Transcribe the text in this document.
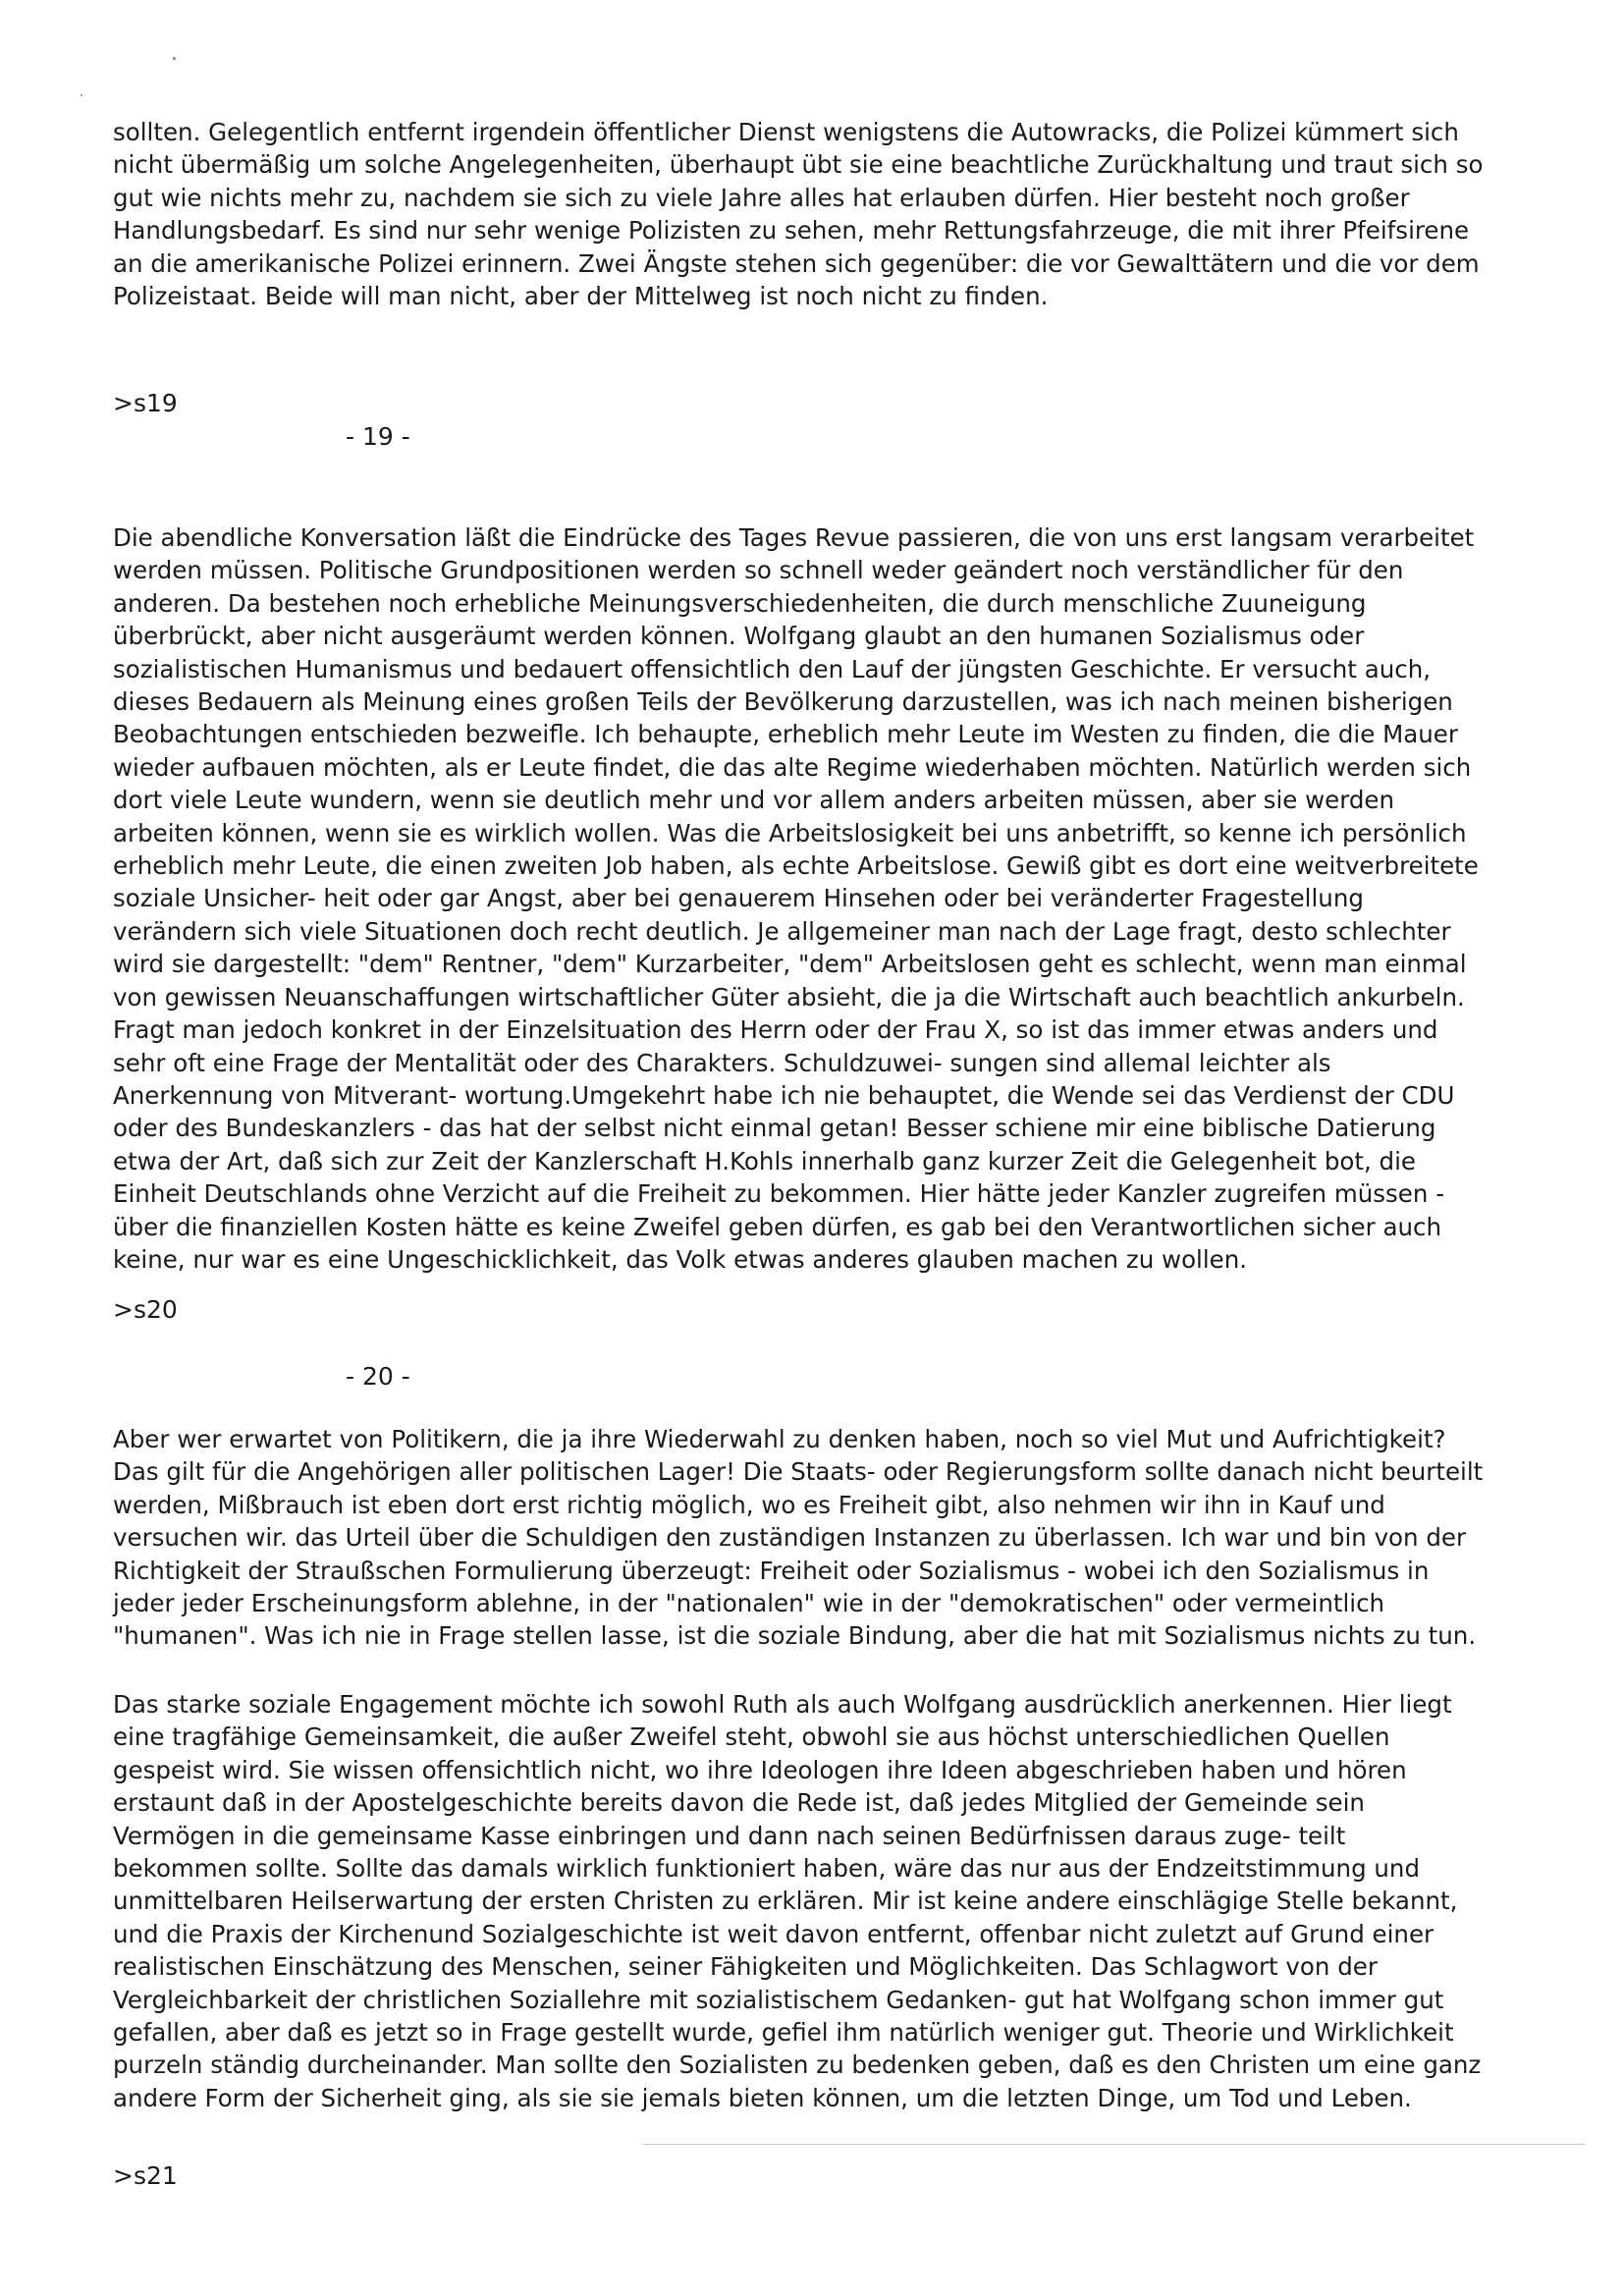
sollten. Gelegentlich entfernt irgendein öffentlicher Dienst wenigstens die Autowracks, die Polizei kümmert sich
nicht übermäßig um solche Angelegenheiten, überhaupt übt sie eine beachtliche Zurückhaltung und traut sich so
gut wie nichts mehr zu, nachdem sie sich zu viele Jahre alles hat erlauben dürfen. Hier besteht noch großer
Handlungsbedarf. Es sind nur sehr wenige Polizisten zu sehen, mehr Rettungsfahrzeuge, die mit ihrer Pfeifsirene
an die amerikanische Polizei erinnern. Zwei Ängste stehen sich gegenüber: die vor Gewalttätern und die vor dem
Polizeistaat. Beide will man nicht, aber der Mittelweg ist noch nicht zu finden.

>s19
- 19 -

Die abendliche Konversation läßt die Eindrücke des Tages Revue passieren, die von uns erst langsam verarbeitet
werden müssen. Politische Grundpositionen werden so schnell weder geändert noch verständlicher für den
anderen. Da bestehen noch erhebliche Meinungsverschiedenheiten, die durch menschliche Zuuneigung
überbrückt, aber nicht ausgeräumt werden können. Wolfgang glaubt an den humanen Sozialismus oder
sozialistischen Humanismus und bedauert offensichtlich den Lauf der jüngsten Geschichte. Er versucht auch,
dieses Bedauern als Meinung eines großen Teils der Bevölkerung darzustellen, was ich nach meinen bisherigen
Beobachtungen entschieden bezweifle. Ich behaupte, erheblich mehr Leute im Westen zu finden, die die Mauer
wieder aufbauen möchten, als er Leute findet, die das alte Regime wiederhaben möchten. Natürlich werden sich
dort viele Leute wundern, wenn sie deutlich mehr und vor allem anders arbeiten müssen, aber sie werden
arbeiten können, wenn sie es wirklich wollen. Was die Arbeitslosigkeit bei uns anbetrifft, so kenne ich persönlich
erheblich mehr Leute, die einen zweiten Job haben, als echte Arbeitslose. Gewiß gibt es dort eine weitverbreitete
soziale Unsicher- heit oder gar Angst, aber bei genauerem Hinsehen oder bei veränderter Fragestellung
verändern sich viele Situationen doch recht deutlich. Je allgemeiner man nach der Lage fragt, desto schlechter
wird sie dargestellt: "dem" Rentner, "dem" Kurzarbeiter, "dem" Arbeitslosen geht es schlecht, wenn man einmal
von gewissen Neuanschaffungen wirtschaftlicher Güter absieht, die ja die Wirtschaft auch beachtlich ankurbeln.
Fragt man jedoch konkret in der Einzelsituation des Herrn oder der Frau X, so ist das immer etwas anders und
sehr oft eine Frage der Mentalität oder des Charakters. Schuldzuwei- sungen sind allemal leichter als
Anerkennung von Mitverant- wortung.Umgekehrt habe ich nie behauptet, die Wende sei das Verdienst der CDU
oder des Bundeskanzlers - das hat der selbst nicht einmal getan! Besser schiene mir eine biblische Datierung
etwa der Art, daß sich zur Zeit der Kanzlerschaft H.Kohls innerhalb ganz kurzer Zeit die Gelegenheit bot, die
Einheit Deutschlands ohne Verzicht auf die Freiheit zu bekommen. Hier hätte jeder Kanzler zugreifen müssen -
über die finanziellen Kosten hätte es keine Zweifel geben dürfen, es gab bei den Verantwortlichen sicher auch
keine, nur war es eine Ungeschicklichkeit, das Volk etwas anderes glauben machen zu wollen.

>s20
- 20 -

Aber wer erwartet von Politikern, die ja ihre Wiederwahl zu denken haben, noch so viel Mut und Aufrichtigkeit?
Das gilt für die Angehörigen aller politischen Lager! Die Staats- oder Regierungsform sollte danach nicht beurteilt
werden, Mißbrauch ist eben dort erst richtig möglich, wo es Freiheit gibt, also nehmen wir ihn in Kauf und
versuchen wir. das Urteil über die Schuldigen den zuständigen Instanzen zu überlassen. Ich war und bin von der
Richtigkeit der Straußschen Formulierung überzeugt: Freiheit oder Sozialismus - wobei ich den Sozialismus in
jeder jeder Erscheinungsform ablehne, in der "nationalen" wie in der "demokratischen" oder vermeintlich
"humanen". Was ich nie in Frage stellen lasse, ist die soziale Bindung, aber die hat mit Sozialismus nichts zu tun.

Das starke soziale Engagement möchte ich sowohl Ruth als auch Wolfgang ausdrücklich anerkennen. Hier liegt
eine tragfähige Gemeinsamkeit, die außer Zweifel steht, obwohl sie aus höchst unterschiedlichen Quellen
gespeist wird. Sie wissen offensichtlich nicht, wo ihre Ideologen ihre Ideen abgeschrieben haben und hören
erstaunt daß in der Apostelgeschichte bereits davon die Rede ist, daß jedes Mitglied der Gemeinde sein
Vermögen in die gemeinsame Kasse einbringen und dann nach seinen Bedürfnissen daraus zuge- teilt
bekommen sollte. Sollte das damals wirklich funktioniert haben, wäre das nur aus der Endzeitstimmung und
unmittelbaren Heilserwartung der ersten Christen zu erklären. Mir ist keine andere einschlägige Stelle bekannt,
und die Praxis der Kirchenund Sozialgeschichte ist weit davon entfernt, offenbar nicht zuletzt auf Grund einer
realistischen Einschätzung des Menschen, seiner Fähigkeiten und Möglichkeiten. Das Schlagwort von der
Vergleichbarkeit der christlichen Soziallehre mit sozialistischem Gedanken- gut hat Wolfgang schon immer gut
gefallen, aber daß es jetzt so in Frage gestellt wurde, gefiel ihm natürlich weniger gut. Theorie und Wirklichkeit
purzeln ständig durcheinander. Man sollte den Sozialisten zu bedenken geben, daß es den Christen um eine ganz
andere Form der Sicherheit ging, als sie sie jemals bieten können, um die letzten Dinge, um Tod und Leben.

>s21
